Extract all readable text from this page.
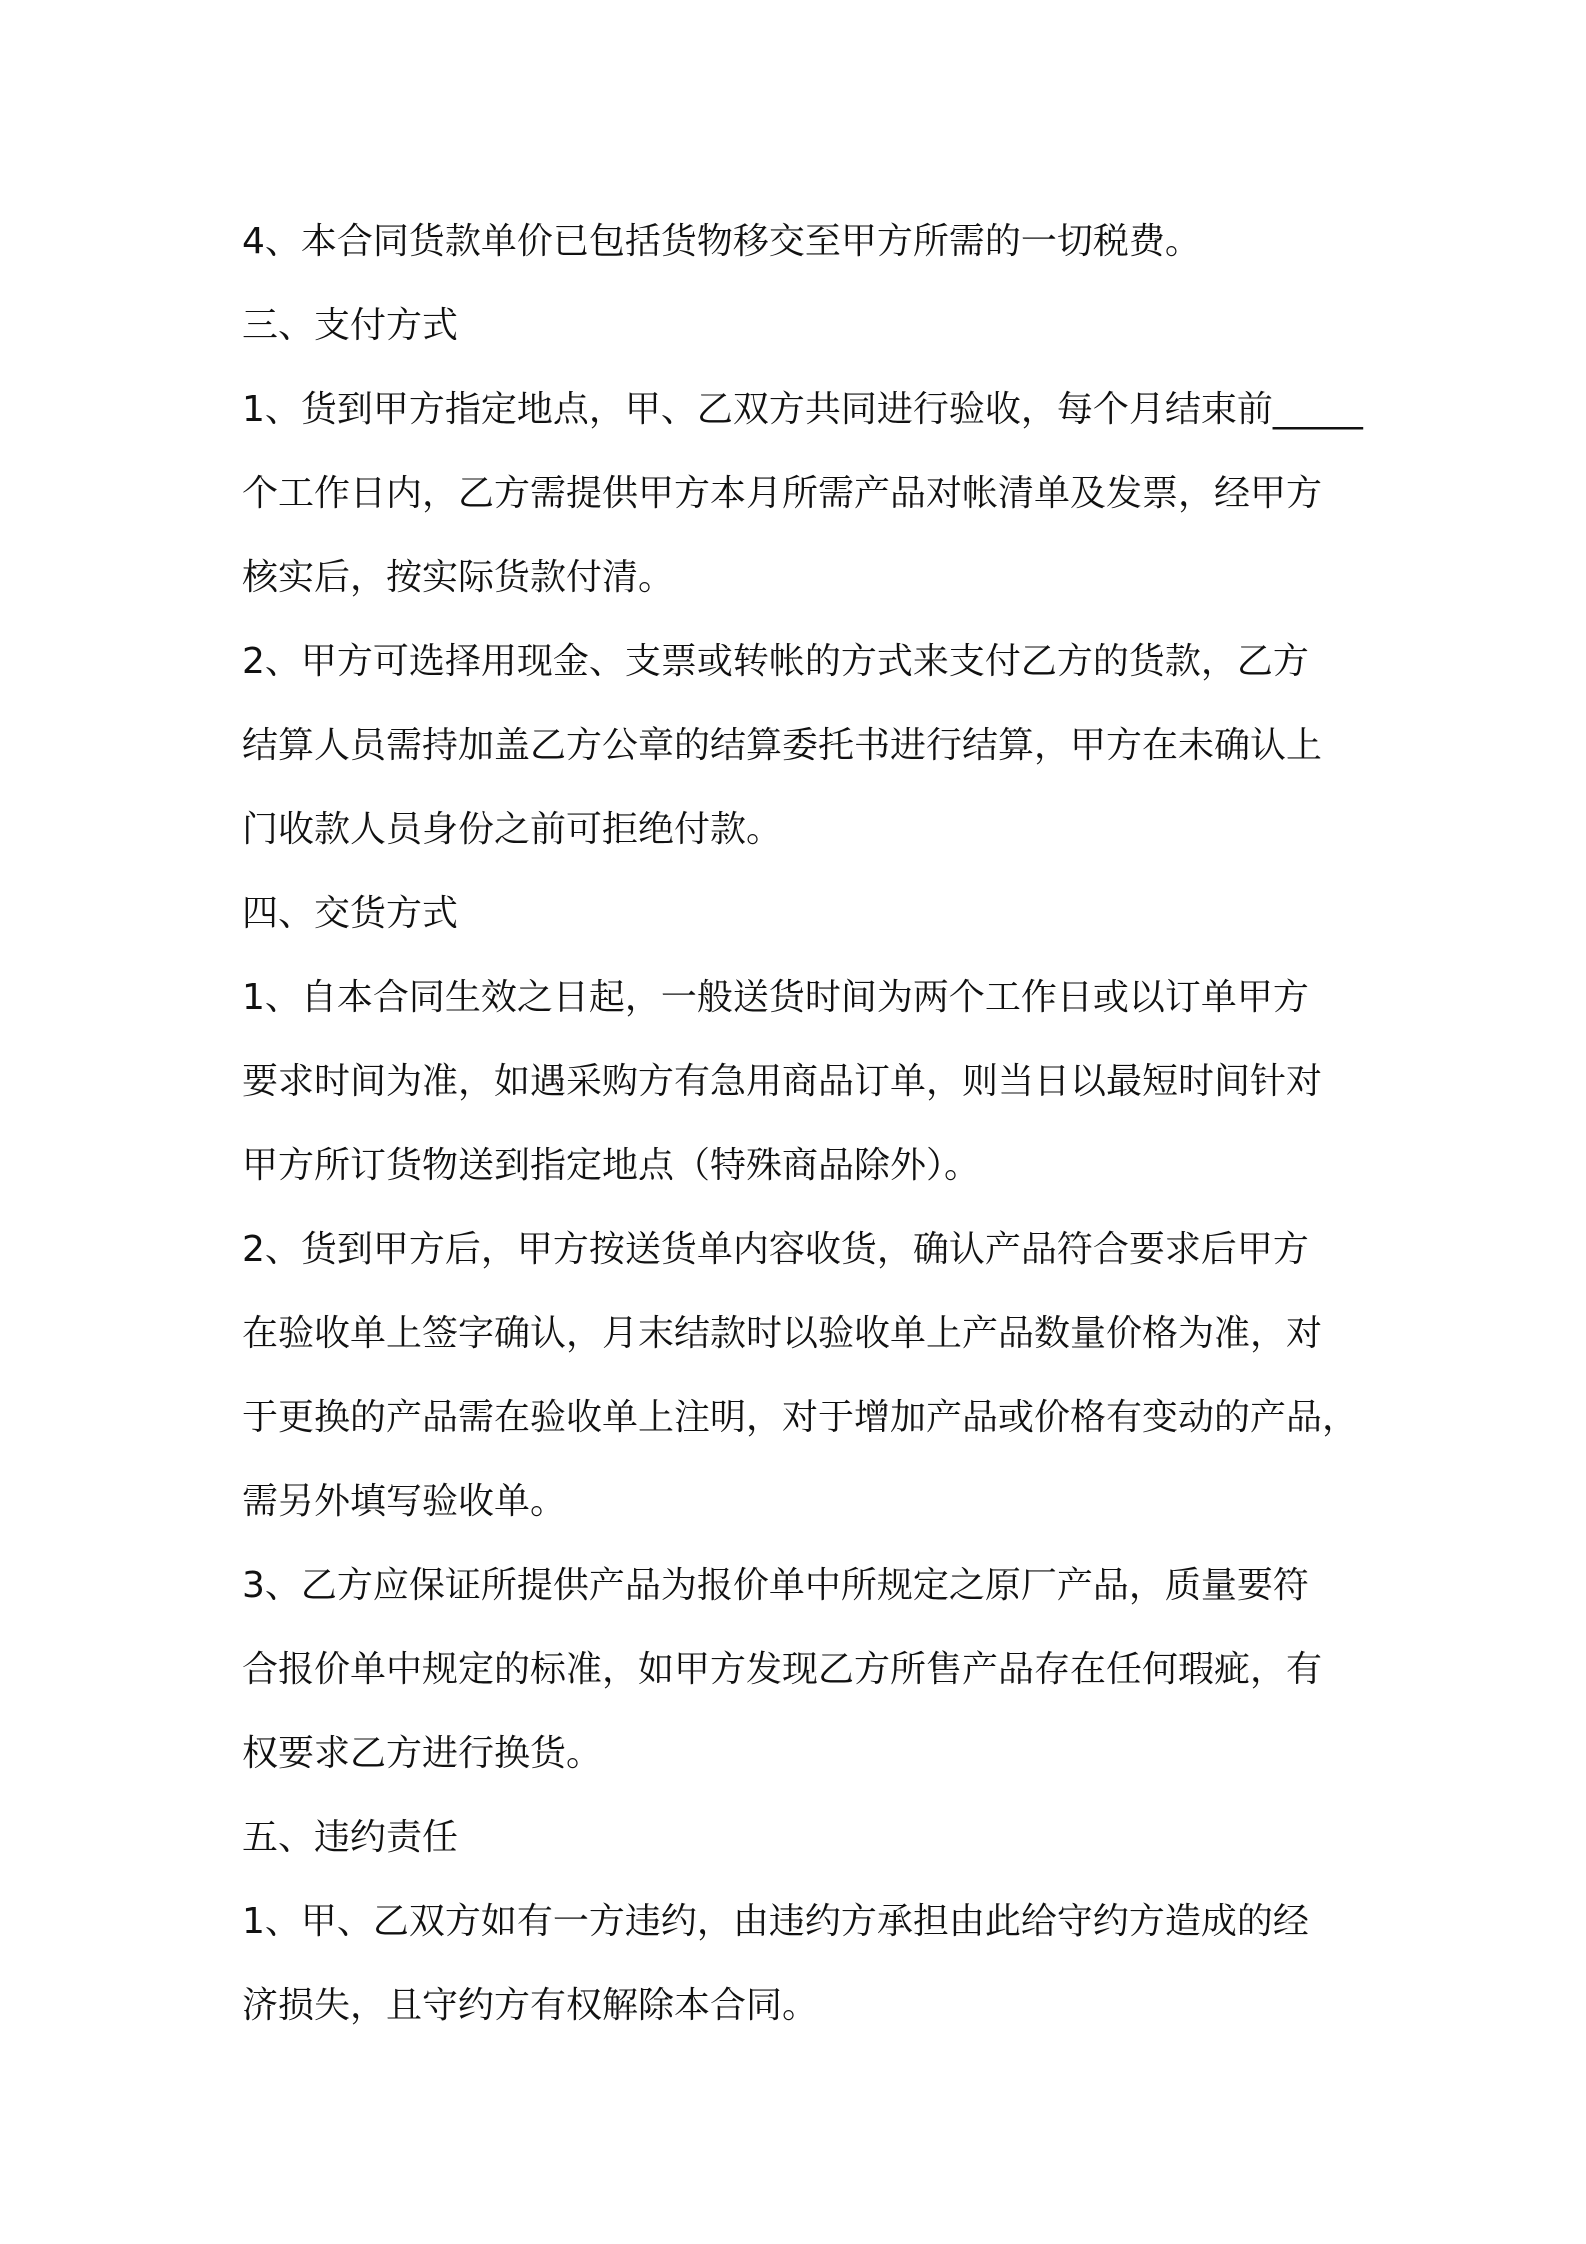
4、本合同货款单价已包括货物移交至甲方所需的一切税费。
三、支付方式
1、货到甲方指定地点，甲、乙双方共同进行验收，每个月结束前_____
个工作日内，乙方需提供甲方本月所需产品对帐清单及发票，经甲方
核实后，按实际货款付清。
2、甲方可选择用现金、支票或转帐的方式来支付乙方的货款，乙方
结算人员需持加盖乙方公章的结算委托书进行结算，甲方在未确认上
门收款人员身份之前可拒绝付款。
四、交货方式
1、自本合同生效之日起，一般送货时间为两个工作日或以订单甲方
要求时间为准，如遇采购方有急用商品订单，则当日以最短时间针对
甲方所订货物送到指定地点（特殊商品除外）。
2、货到甲方后，甲方按送货单内容收货，确认产品符合要求后甲方
在验收单上签字确认，月末结款时以验收单上产品数量价格为准，对
于更换的产品需在验收单上注明，对于增加产品或价格有变动的产品，
需另外填写验收单。
3、乙方应保证所提供产品为报价单中所规定之原厂产品，质量要符
合报价单中规定的标准，如甲方发现乙方所售产品存在任何瑕疵，有
权要求乙方进行换货。
五、违约责任
1、甲、乙双方如有一方违约，由违约方承担由此给守约方造成的经
济损失，且守约方有权解除本合同。
